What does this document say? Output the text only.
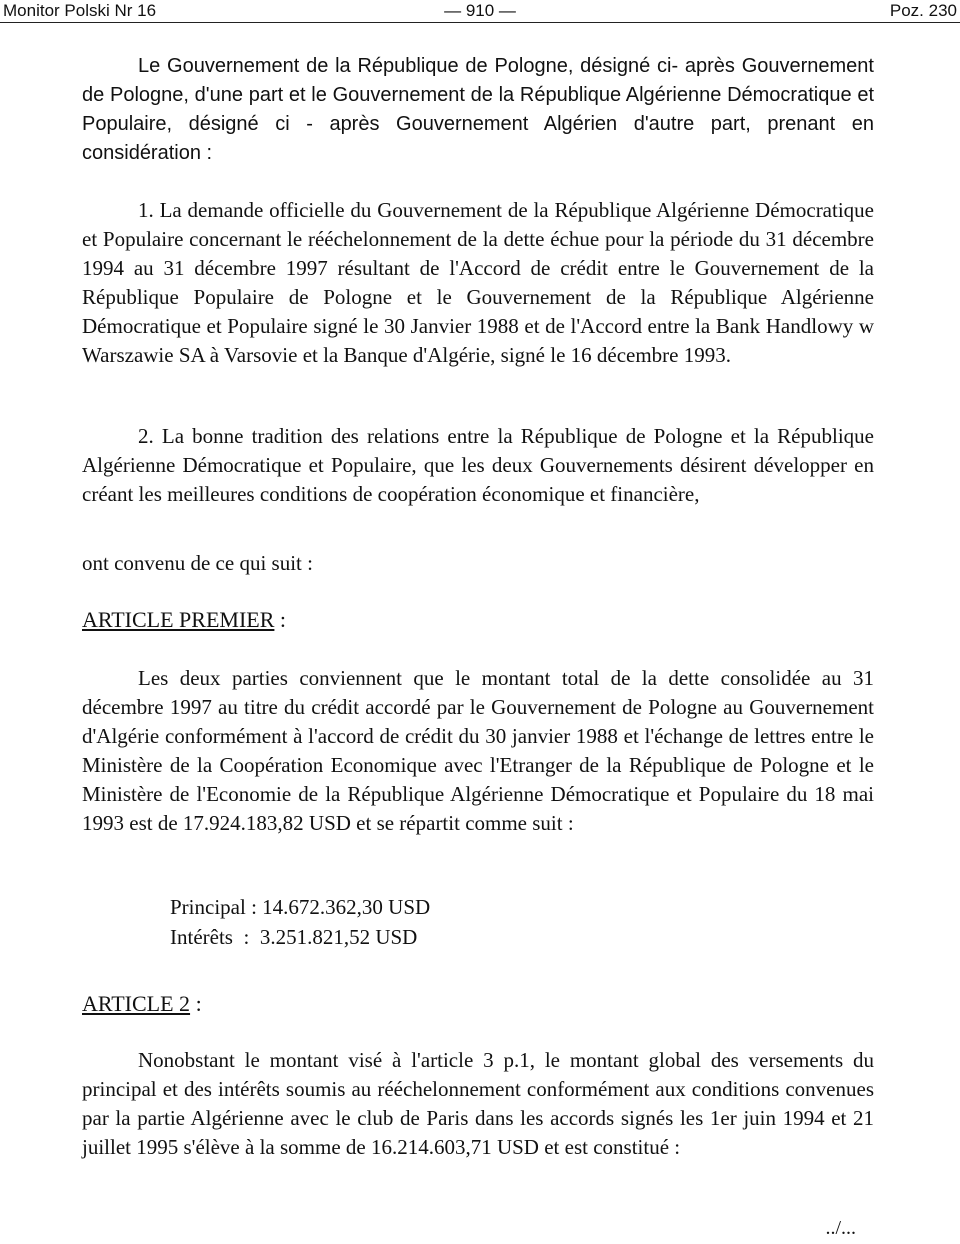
Monitor Polski Nr 16	— 910 —	Poz. 230

Le Gouvernement de la République de Pologne, désigné ci- après Gouvernement de Pologne, d'une part et le Gouvernement de la République Algérienne Démocratique et Populaire, désigné ci - après Gouvernement Algérien d'autre part, prenant en considération :

1. La demande officielle du Gouvernement de la République Algérienne Démocratique et Populaire concernant le rééchelonnement de la dette échue pour la période du 31 décembre 1994 au 31 décembre 1997 résultant de l'Accord de crédit entre le Gouvernement de la République Populaire de Pologne et le Gouvernement de la République Algérienne Démocratique et Populaire signé le 30 Janvier 1988 et de l'Accord entre la Bank Handlowy w Warszawie SA à Varsovie et la Banque d'Algérie, signé le 16 décembre 1993.

2. La bonne tradition des relations entre la République de Pologne et la République Algérienne Démocratique et Populaire, que les deux Gouvernements désirent développer en créant les meilleures conditions de coopération économique et financière,

ont convenu de ce qui suit :

ARTICLE PREMIER :

Les deux parties conviennent que le montant total de la dette consolidée au 31 décembre 1997 au titre du crédit accordé par le Gouvernement de Pologne au Gouvernement d'Algérie conformément à l'accord de crédit du 30 janvier 1988 et l'échange de lettres entre le Ministère de la Coopération Economique avec l'Etranger de la République de Pologne et le Ministère de l'Economie de la République Algérienne Démocratique et Populaire du 18 mai 1993 est de 17.924.183,82 USD et se répartit comme suit :

Principal : 14.672.362,30 USD
Intérêts  :  3.251.821,52 USD
ARTICLE 2 :

Nonobstant le montant visé à l'article 3 p.1, le montant global des versements du principal et des intérêts soumis au rééchelonnement conformément aux conditions convenues par la partie Algérienne avec le club de Paris dans les accords signés les 1er juin 1994 et 21 juillet 1995 s'élève à la somme de 16.214.603,71 USD et est constitué :

../...
